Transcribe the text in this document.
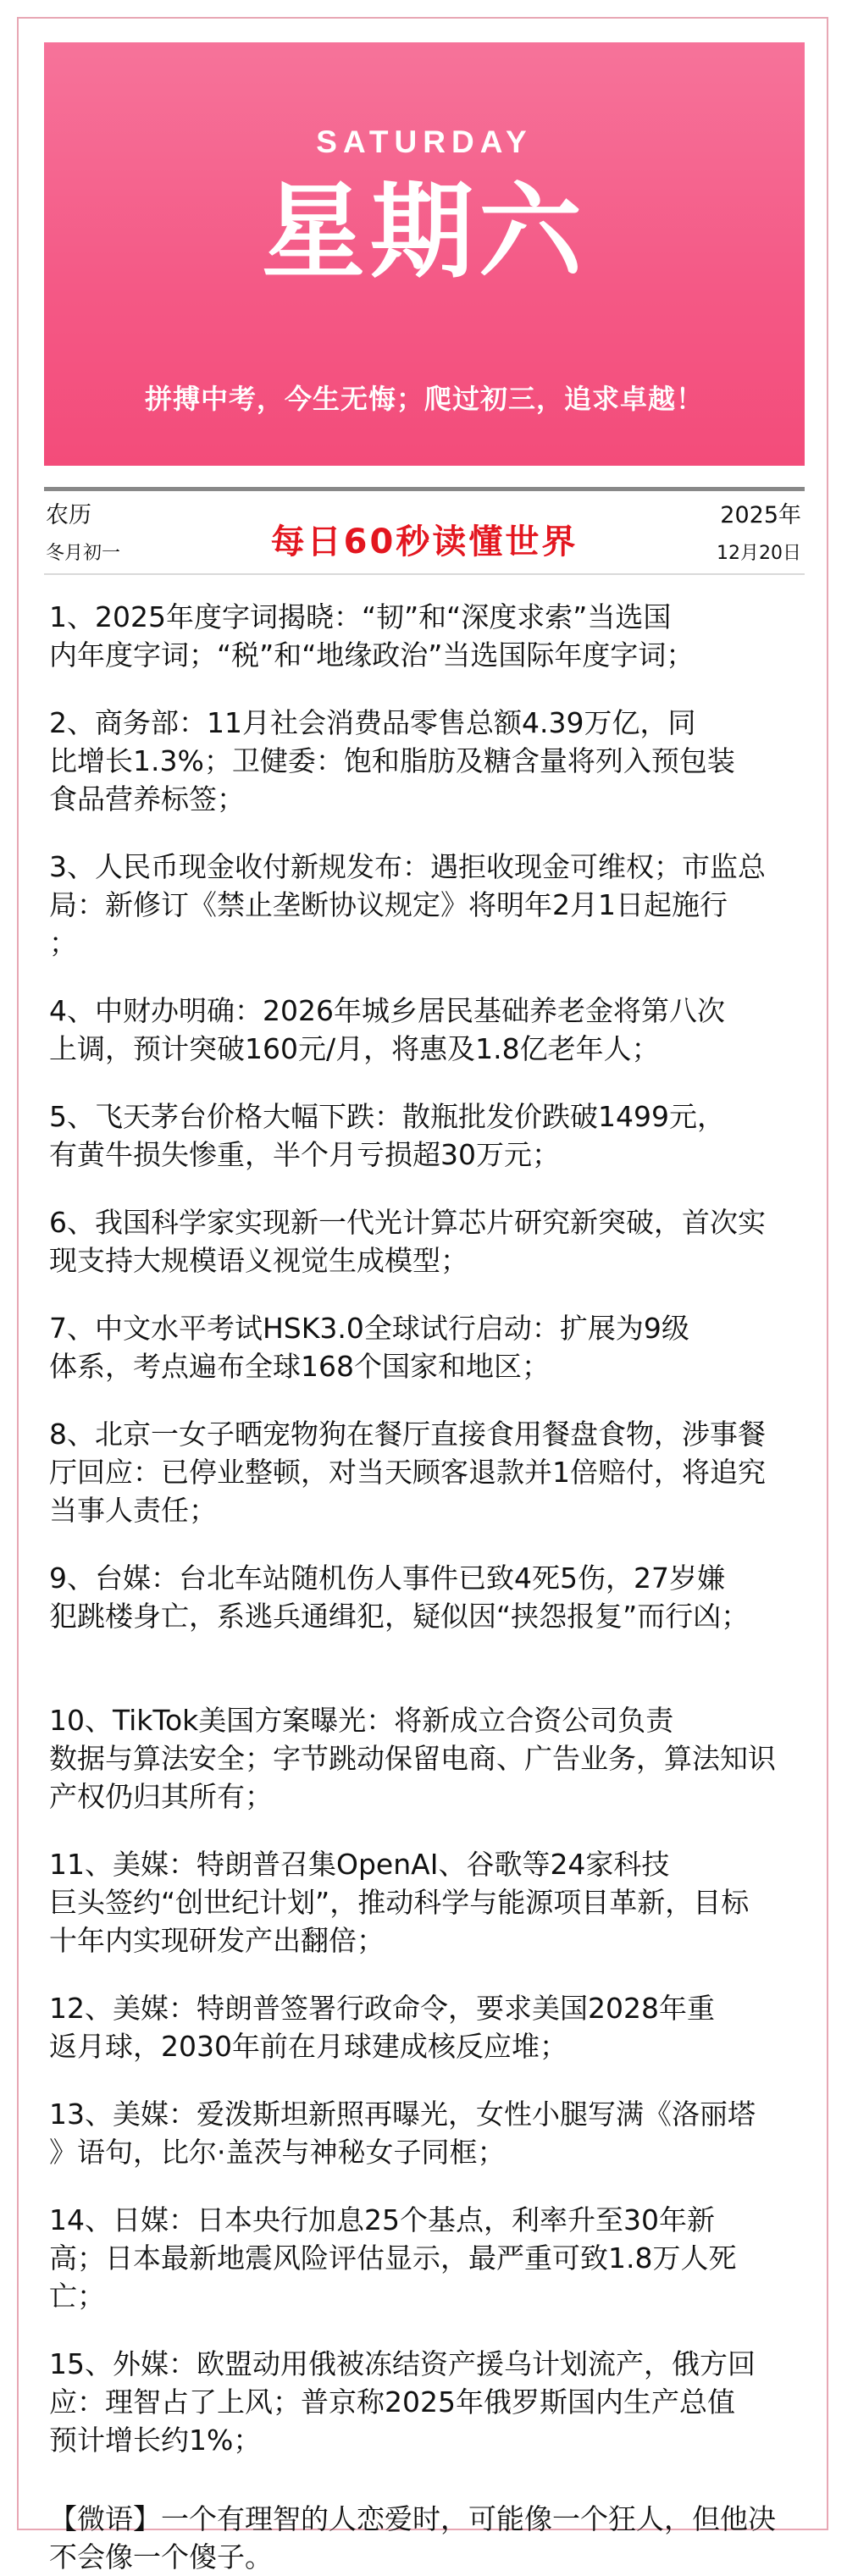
SATURDAY
星期六
拼搏中考，今生无悔；爬过初三，追求卓越！
农历
冬月初一	每日60秒读懂世界
2025年
12月20日
1、2025年度字词揭晓：“韧”和“深度求索”当选国
内年度字词；“税”和“地缘政治”当选国际年度字词；
2、商务部：11月社会消费品零售总额4.39万亿，同
比增长1.3%；卫健委：饱和脂肪及糖含量将列入预包装
食品营养标签；
3、人民币现金收付新规发布：遇拒收现金可维权；市监总
局：新修订《禁止垄断协议规定》将明年2月1日起施行
；
4、中财办明确：2026年城乡居民基础养老金将第八次
上调，预计突破160元/月，将惠及1.8亿老年人；
5、飞天茅台价格大幅下跌：散瓶批发价跌破1499元，
有黄牛损失惨重，半个月亏损超30万元；
6、我国科学家实现新一代光计算芯片研究新突破，首次实
现支持大规模语义视觉生成模型；
7、中文水平考试HSK3.0全球试行启动：扩展为9级
体系，考点遍布全球168个国家和地区；
8、北京一女子晒宠物狗在餐厅直接食用餐盘食物，涉事餐
厅回应：已停业整顿，对当天顾客退款并1倍赔付，将追究
当事人责任；
9、台媒：台北车站随机伤人事件已致4死5伤，27岁嫌
犯跳楼身亡，系逃兵通缉犯，疑似因“挟怨报复”而行凶；
10、TikTok美国方案曝光：将新成立合资公司负责
数据与算法安全；字节跳动保留电商、广告业务，算法知识
产权仍归其所有；
11、美媒：特朗普召集OpenAI、谷歌等24家科技
巨头签约“创世纪计划”，推动科学与能源项目革新，目标
十年内实现研发产出翻倍；
12、美媒：特朗普签署行政命令，要求美国2028年重
返月球，2030年前在月球建成核反应堆；
13、美媒：爱泼斯坦新照再曝光，女性小腿写满《洛丽塔
》语句，比尔·盖茨与神秘女子同框；
14、日媒：日本央行加息25个基点，利率升至30年新
高；日本最新地震风险评估显示，最严重可致1.8万人死
亡；
15、外媒：欧盟动用俄被冻结资产援乌计划流产，俄方回
应：理智占了上风；普京称2025年俄罗斯国内生产总值
预计增长约1%；
【微语】一个有理智的人恋爱时，可能像一个狂人，但他决
不会像一个傻子。
